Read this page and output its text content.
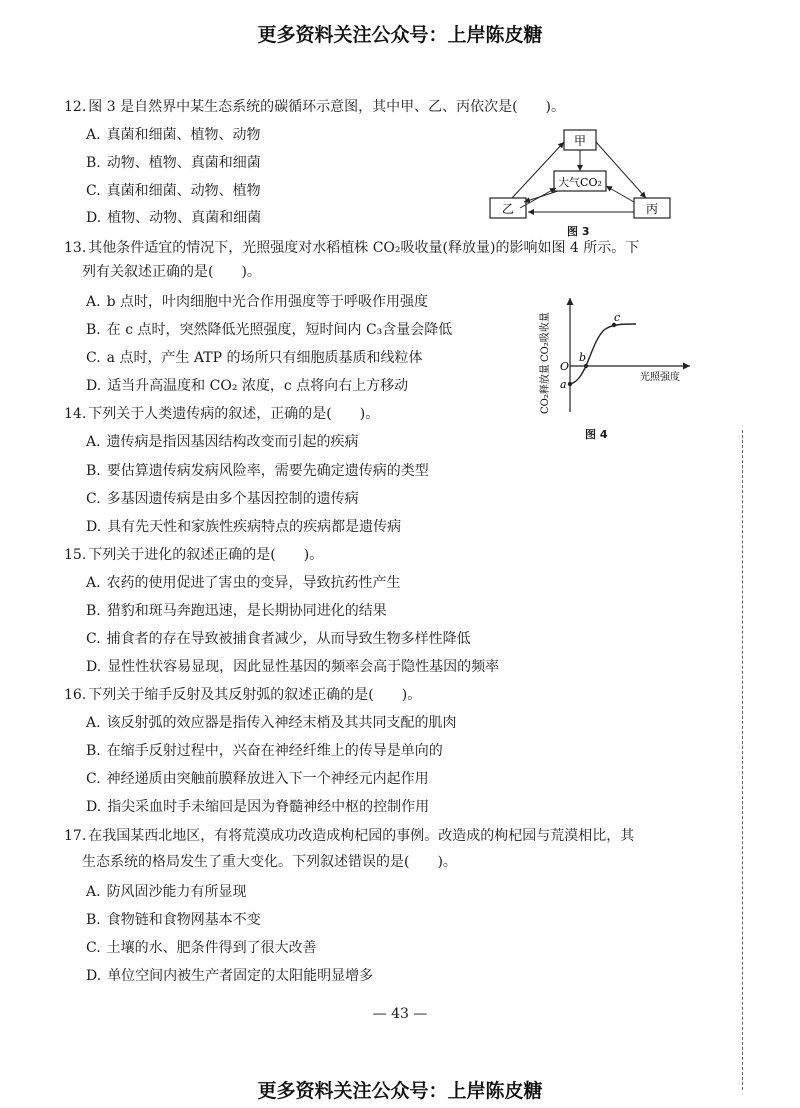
更多资料关注公众号：上岸陈皮糖
12. 图 3 是自然界中某生态系统的碳循环示意图，其中甲、乙、丙依次是(　　)。
A. 真菌和细菌、植物、动物
B. 动物、植物、真菌和细菌
C. 真菌和细菌、动物、植物
D. 植物、动物、真菌和细菌
甲
大气CO₂
乙	丙
图 3
13. 其他条件适宜的情况下，光照强度对水稻植株 CO₂吸收量(释放量)的影响如图 4 所示。下
列有关叙述正确的是(　　)。
A. b 点时，叶肉细胞中光合作用强度等于呼吸作用强度
B. 在 c 点时，突然降低光照强度，短时间内 C₃含量会降低
C. a 点时，产生 ATP 的场所只有细胞质基质和线粒体
D. 适当升高温度和 CO₂ 浓度，c 点将向右上方移动
O
a
b
c
光照强度
CO₂吸收量
CO₂释放量
图 4
14. 下列关于人类遗传病的叙述，正确的是(　　)。
A. 遗传病是指因基因结构改变而引起的疾病
B. 要估算遗传病发病风险率，需要先确定遗传病的类型
C. 多基因遗传病是由多个基因控制的遗传病
D. 具有先天性和家族性疾病特点的疾病都是遗传病
15. 下列关于进化的叙述正确的是(　　)。
A. 农药的使用促进了害虫的变异，导致抗药性产生
B. 猎豹和斑马奔跑迅速，是长期协同进化的结果
C. 捕食者的存在导致被捕食者减少，从而导致生物多样性降低
D. 显性性状容易显现，因此显性基因的频率会高于隐性基因的频率
16. 下列关于缩手反射及其反射弧的叙述正确的是(　　)。
A. 该反射弧的效应器是指传入神经末梢及其共同支配的肌肉
B. 在缩手反射过程中，兴奋在神经纤维上的传导是单向的
C. 神经递质由突触前膜释放进入下一个神经元内起作用
D. 指尖采血时手未缩回是因为脊髓神经中枢的控制作用
17. 在我国某西北地区，有将荒漠成功改造成枸杞园的事例。改造成的枸杞园与荒漠相比，其
生态系统的格局发生了重大变化。下列叙述错误的是(　　)。
A. 防风固沙能力有所显现
B. 食物链和食物网基本不变
C. 土壤的水、肥条件得到了很大改善
D. 单位空间内被生产者固定的太阳能明显增多
— 43 —
更多资料关注公众号：上岸陈皮糖
